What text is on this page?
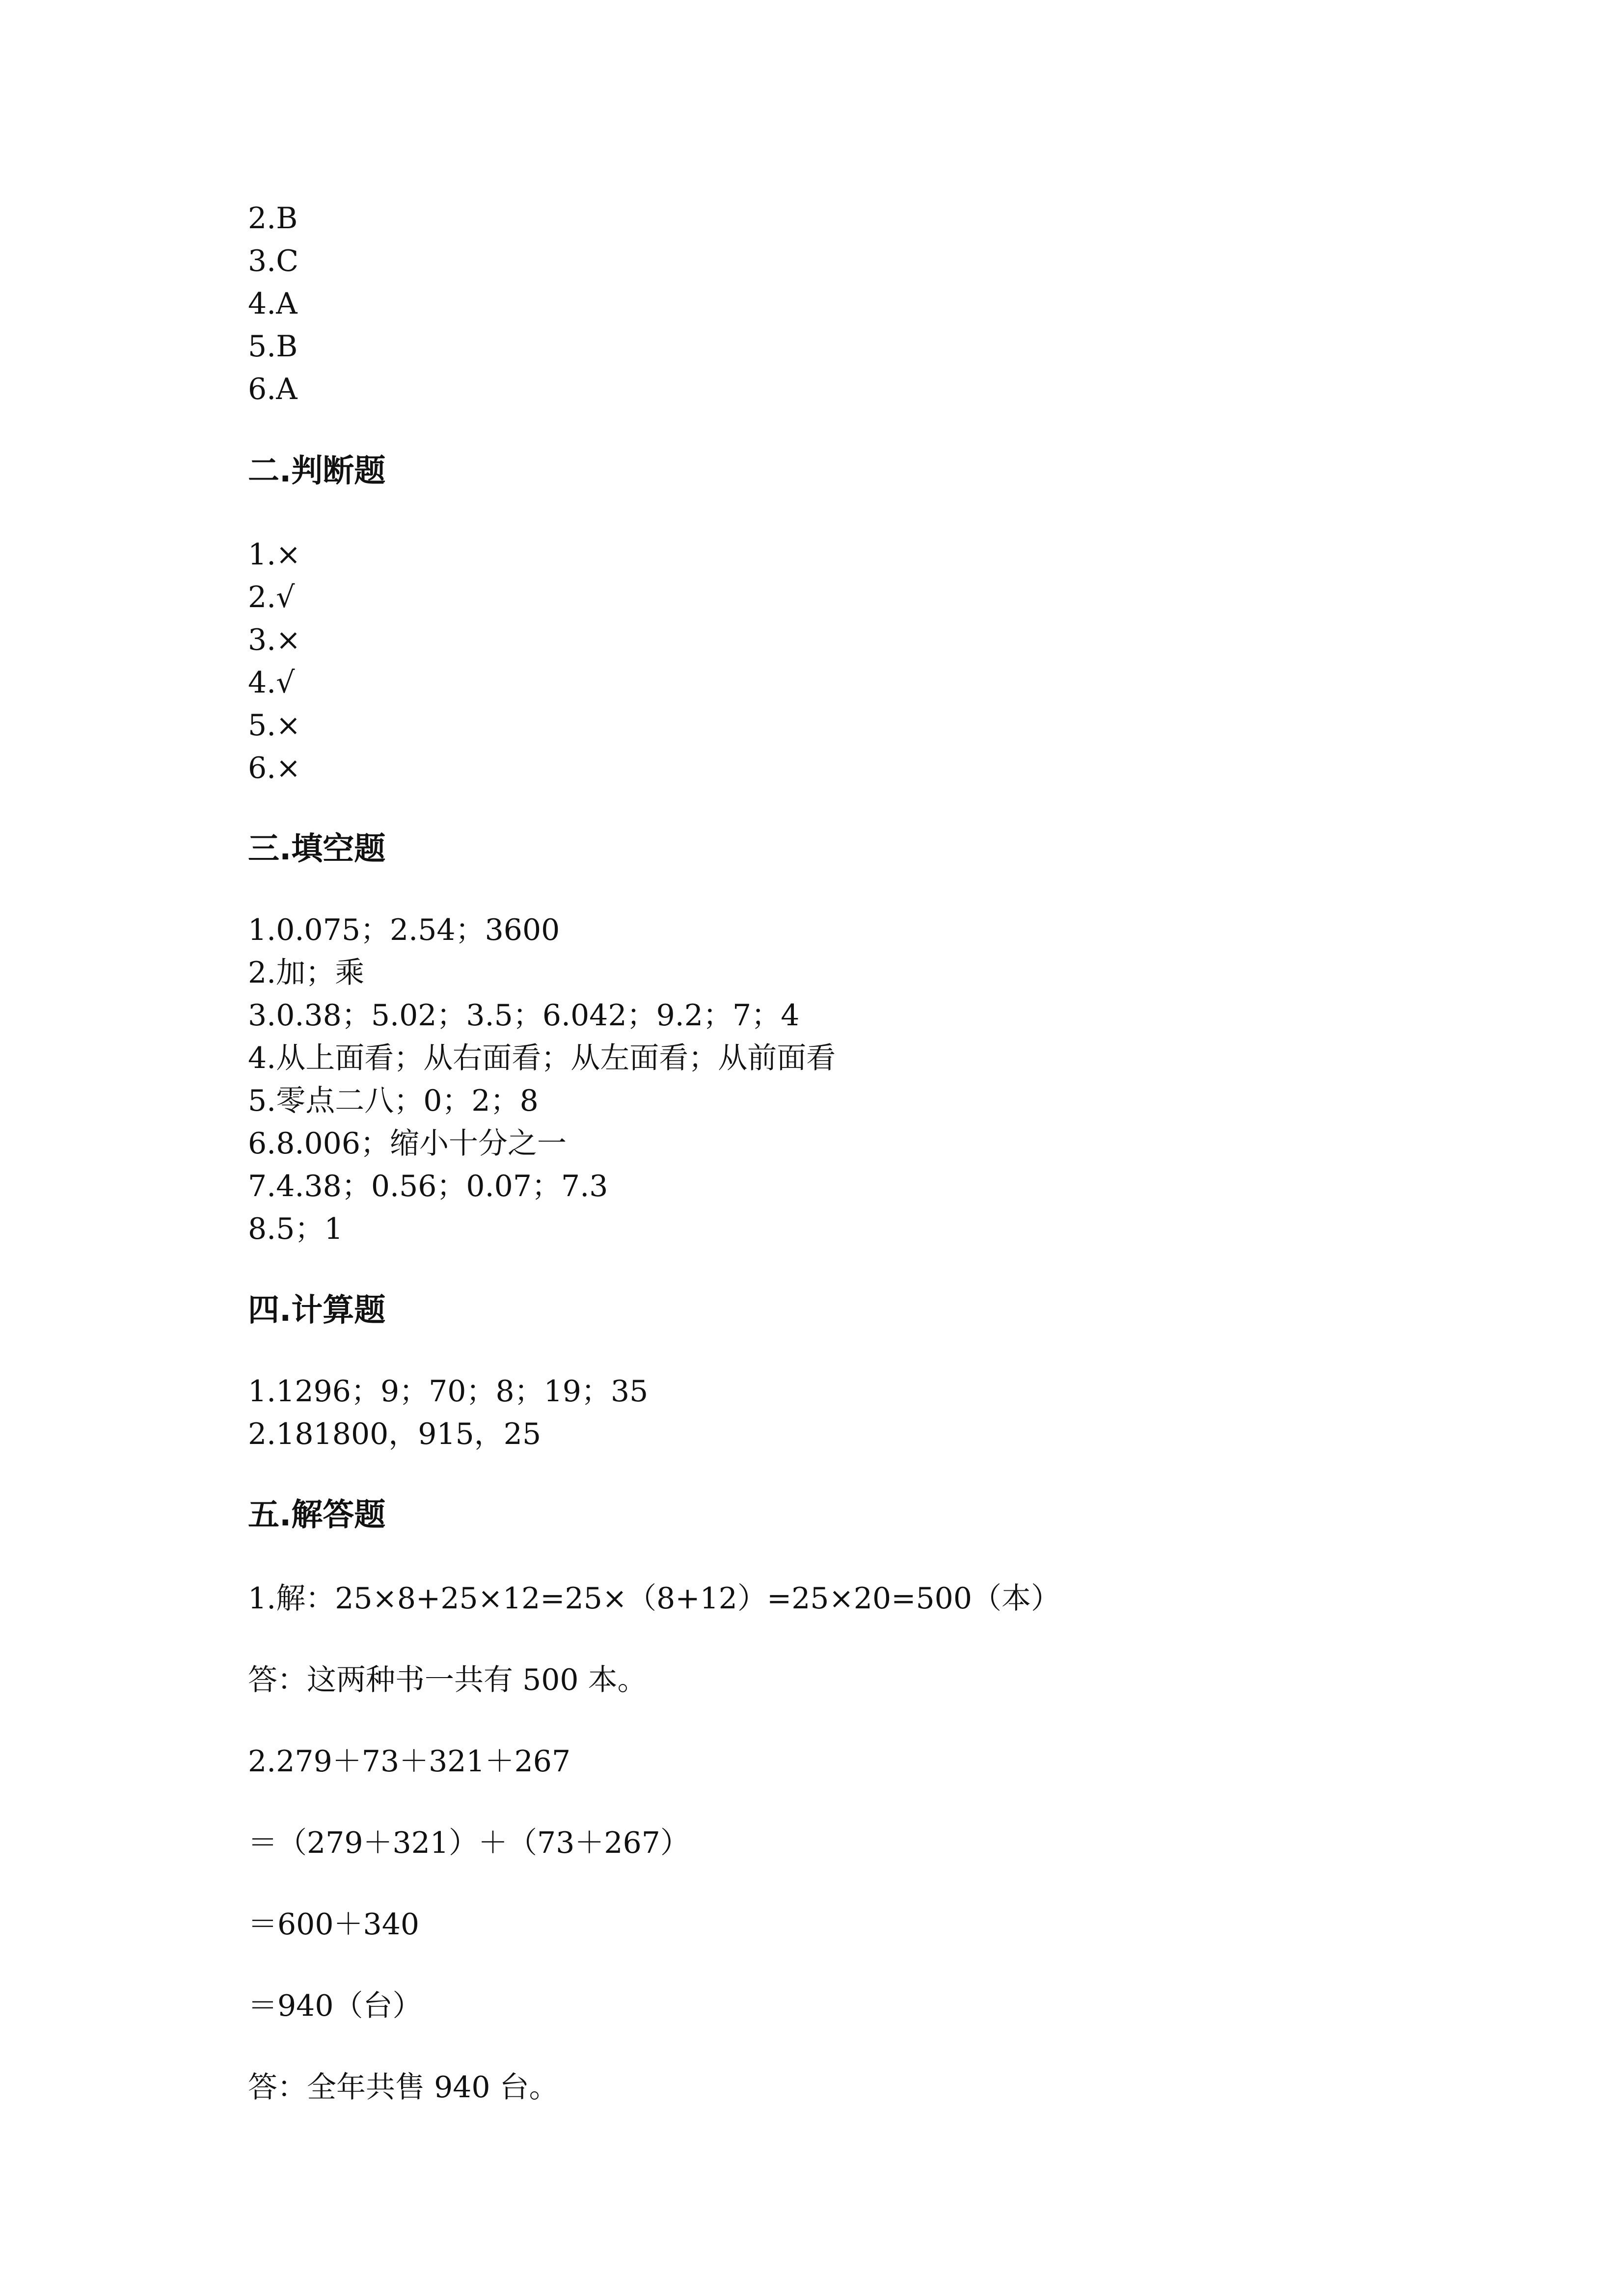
2.B
3.C
4.A
5.B
6.A
二.判断题
1.×
2.√
3.×
4.√
5.×
6.×
三.填空题
1.0.075；2.54；3600
2.加；乘
3.0.38；5.02；3.5；6.042；9.2；7；4
4.从上面看；从右面看；从左面看；从前面看
5.零点二八；0；2；8
6.8.006；缩小十分之一
7.4.38；0.56；0.07；7.3
8.5；1
四.计算题
1.1296；9；70；8；19；35
2.181800，915，25
五.解答题
1.解：25×8+25×12=25×（8+12）=25×20=500（本）
答：这两种书一共有 500 本。
2.279＋73＋321＋267
＝（279＋321）＋（73＋267）
＝600＋340
＝940（台）
答：全年共售 940 台。
